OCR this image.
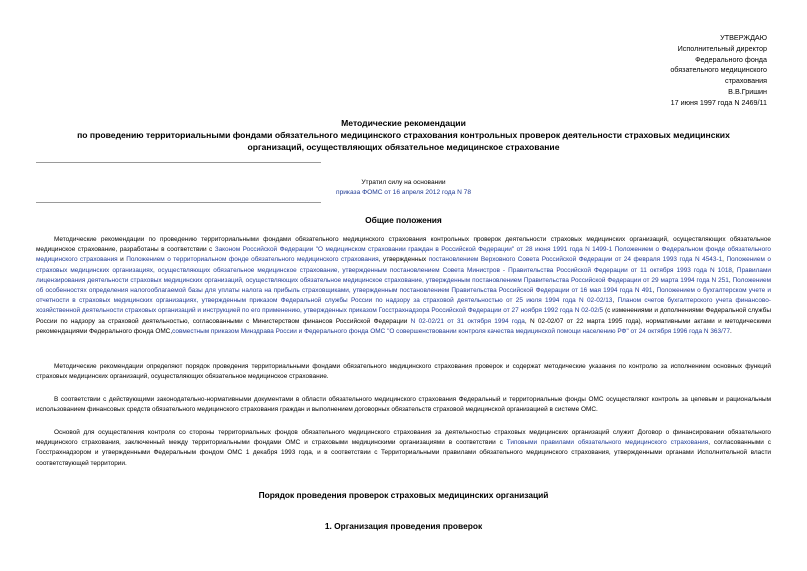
УТВЕРЖДАЮ
Исполнительный директор
Федерального фонда
обязательного медицинского
страхования
В.В.Гришин
17 июня 1997 года N 2469/11
Методические рекомендации
по проведению территориальными фондами обязательного медицинского страхования контрольных проверок деятельности страховых медицинских
организаций, осуществляющих обязательное медицинское страхование
Утратил силу на основании
приказа ФОМС от 16 апреля 2012 года N 78
Общие положения
Методические рекомендации по проведению территориальными фондами обязательного медицинского страхования контрольных проверок деятельности страховых медицинских организаций, осуществляющих обязательное медицинское страхование, разработаны в соответствии с Законом Российской Федерации "О медицинском страховании граждан в Российской Федерации" от 28 июня 1991 года N 1499-1 Положением о Федеральном фонде обязательного медицинского страхования и Положением о территориальном фонде обязательного медицинского страхования, утвержденных постановлением Верховного Совета Российской Федерации от 24 февраля 1993 года N 4543-1, Положением о страховых медицинских организациях, осуществляющих обязательное медицинское страхование, утвержденным постановлением Совета Министров - Правительства Российской Федерации от 11 октября 1993 года N 1018, Правилами лицензирования деятельности страховых медицинских организаций, осуществляющих обязательное медицинское страхование, утвержденным постановлением Правительства Российской Федерации от 29 марта 1994 года N 251, Положением об особенностях определения налогооблагаемой базы для уплаты налога на прибыль страховщиками, утвержденным постановлением Правительства Российской Федерации от 16 мая 1994 года N 491, Положением о бухгалтерском учете и отчетности в страховых медицинских организациях, утвержденным приказом Федеральной службы России по надзору за страховой деятельностью от 25 июля 1994 года N 02-02/13, Планом счетов бухгалтерского учета финансово-хозяйственной деятельности страховых организаций и инструкцией по его применению, утвержденных приказом Госстрахнадзора Российской Федерации от 27 ноября 1992 года N 02-02/5 (с изменениями и дополнениями Федеральной службы России по надзору за страховой деятельностью, согласованными с Министерством финансов Российской Федерации N 02-02/21 от 31 октября 1994 года, N 02-02/07 от 22 марта 1995 года), нормативными актами и методическими рекомендациями Федерального фонда ОМС,совместным приказом Минздрава России и Федерального фонда ОМС "О совершенствовании контроля качества медицинской помощи населению РФ" от 24 октября 1996 года N 363/77.
Методические рекомендации определяют порядок проведения территориальными фондами обязательного медицинского страхования проверок и содержат методические указания по контролю за исполнением основных функций страховых медицинских организаций, осуществляющих обязательное медицинское страхование.
В соответствии с действующими законодательно-нормативными документами в области обязательного медицинского страхования Федеральный и территориальные фонды ОМС осуществляют контроль за целевым и рациональным использованием финансовых средств обязательного медицинского страхования граждан и выполнением договорных обязательств страховой медицинской организацией в системе ОМС.
Основой для осуществления контроля со стороны территориальных фондов обязательного медицинского страхования за деятельностью страховых медицинских организаций служит Договор о финансировании обязательного медицинского страхования, заключенный между территориальными фондами ОМС и страховыми медицинскими организациями в соответствии с Типовыми правилами обязательного медицинского страхования, согласованными с Госстрахнадзором и утвержденными Федеральным фондом ОМС 1 декабря 1993 года, и в соответствии с Территориальными правилами обязательного медицинского страхования, утвержденными органами Исполнительной власти соответствующей территории.
Порядок проведения проверок страховых медицинских организаций
1. Организация проведения проверок
